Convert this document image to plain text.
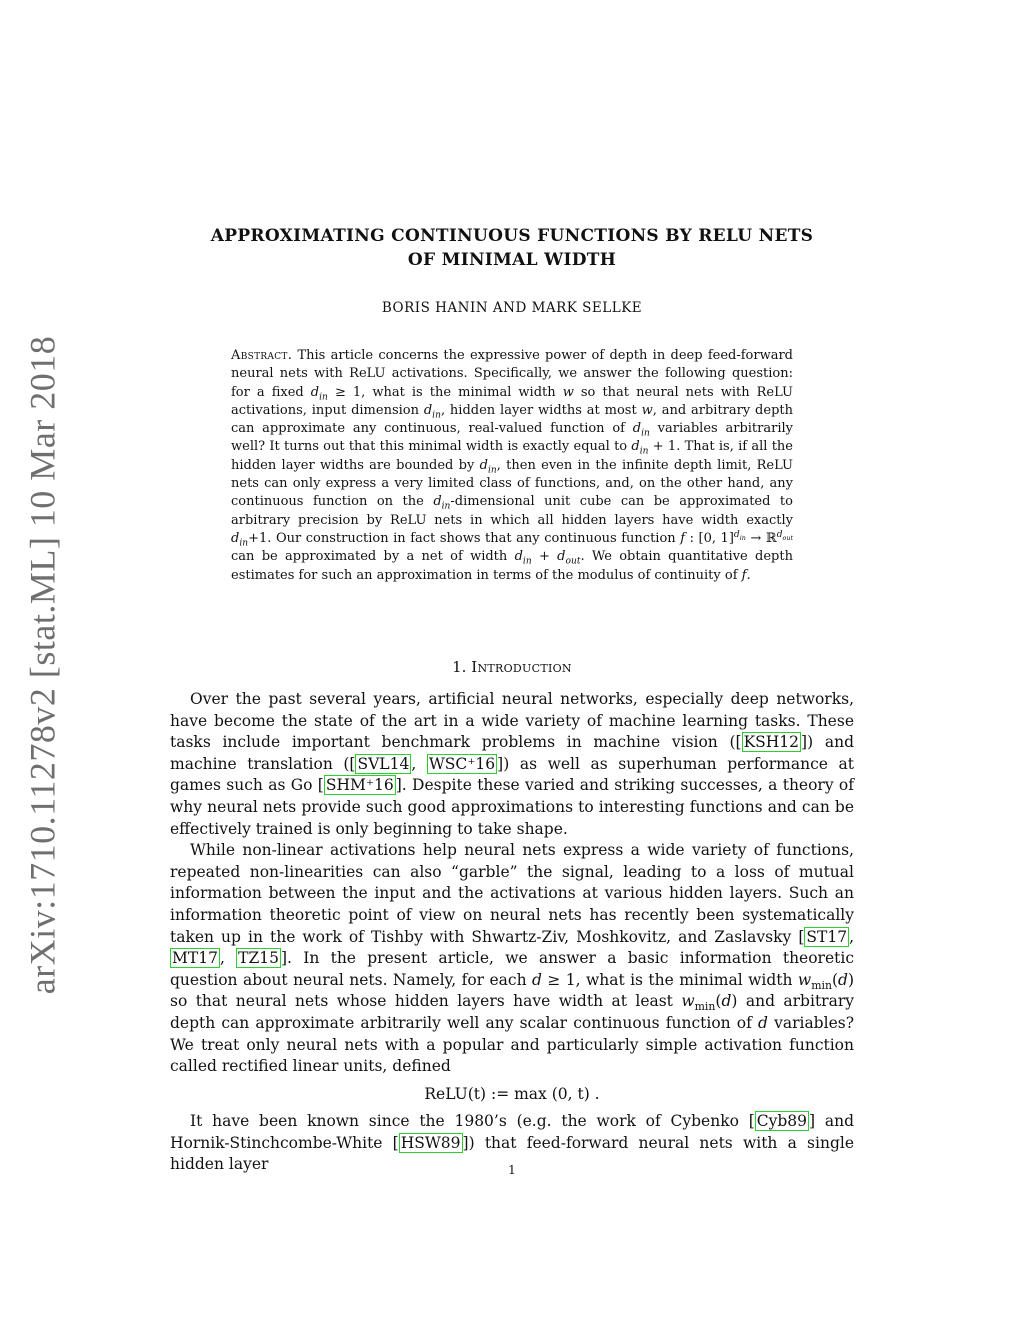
arXiv:1710.11278v2 [stat.ML] 10 Mar 2018
APPROXIMATING CONTINUOUS FUNCTIONS BY RELU NETS
OF MINIMAL WIDTH
BORIS HANIN AND MARK SELLKE
Abstract. This article concerns the expressive power of depth in deep feed-forward neural nets with ReLU activations. Specifically, we answer the following question: for a fixed $d_{in} \ge 1$, what is the minimal width w so that neural nets with ReLU activations, input dimension $d_{in}$, hidden layer widths at most w, and arbitrary depth can approximate any continuous, real-valued function of $d_{in}$ variables arbitrarily well? It turns out that this minimal width is exactly equal to $d_{in} + 1$. That is, if all the hidden layer widths are bounded by $d_{in}$, then even in the infinite depth limit, ReLU nets can only express a very limited class of functions, and, on the other hand, any continuous function on the $d_{in}$-dimensional unit cube can be approximated to arbitrary precision by ReLU nets in which all hidden layers have width exactly $d_{in}+1$. Our construction in fact shows that any continuous function f : [0, 1]$^{d_{in}}$ → ℝ$^{d_{out}}$ can be approximated by a net of width $d_{in} + d_{out}$. We obtain quantitative depth estimates for such an approximation in terms of the modulus of continuity of f.
1. Introduction

Over the past several years, artificial neural networks, especially deep networks, have become the state of the art in a wide variety of machine learning tasks. These tasks include important benchmark problems in machine vision ([ KSH12 ]) and machine translation ([ SVL14 , WSC⁺16 ]) as well as superhuman performance at games such as Go [ SHM⁺16 ]. Despite these varied and striking successes, a theory of why neural nets provide such good approximations to interesting functions and can be effectively trained is only beginning to take shape.

While non-linear activations help neural nets express a wide variety of functions, repeated non-linearities can also “garble” the signal, leading to a loss of mutual information between the input and the activations at various hidden layers. Such an information theoretic point of view on neural nets has recently been systematically taken up in the work of Tishby with Shwartz-Ziv, Moshkovitz, and Zaslavsky [ ST17 , MT17 , TZ15 ]. In the present article, we answer a basic information theoretic question about neural nets. Namely, for each d ≥ 1, what is the minimal width $w_{min}(d)$ so that neural nets whose hidden layers have width at least $w_{min}(d)$ and arbitrary depth can approximate arbitrarily well any scalar continuous function of d variables? We treat only neural nets with a popular and particularly simple activation function called rectified linear units, defined

ReLU(t) := max (0, t) .

It have been known since the 1980’s (e.g. the work of Cybenko [ Cyb89 ] and Hornik-Stinchcombe-White [ HSW89 ]) that feed-forward neural nets with a single hidden layer	1
